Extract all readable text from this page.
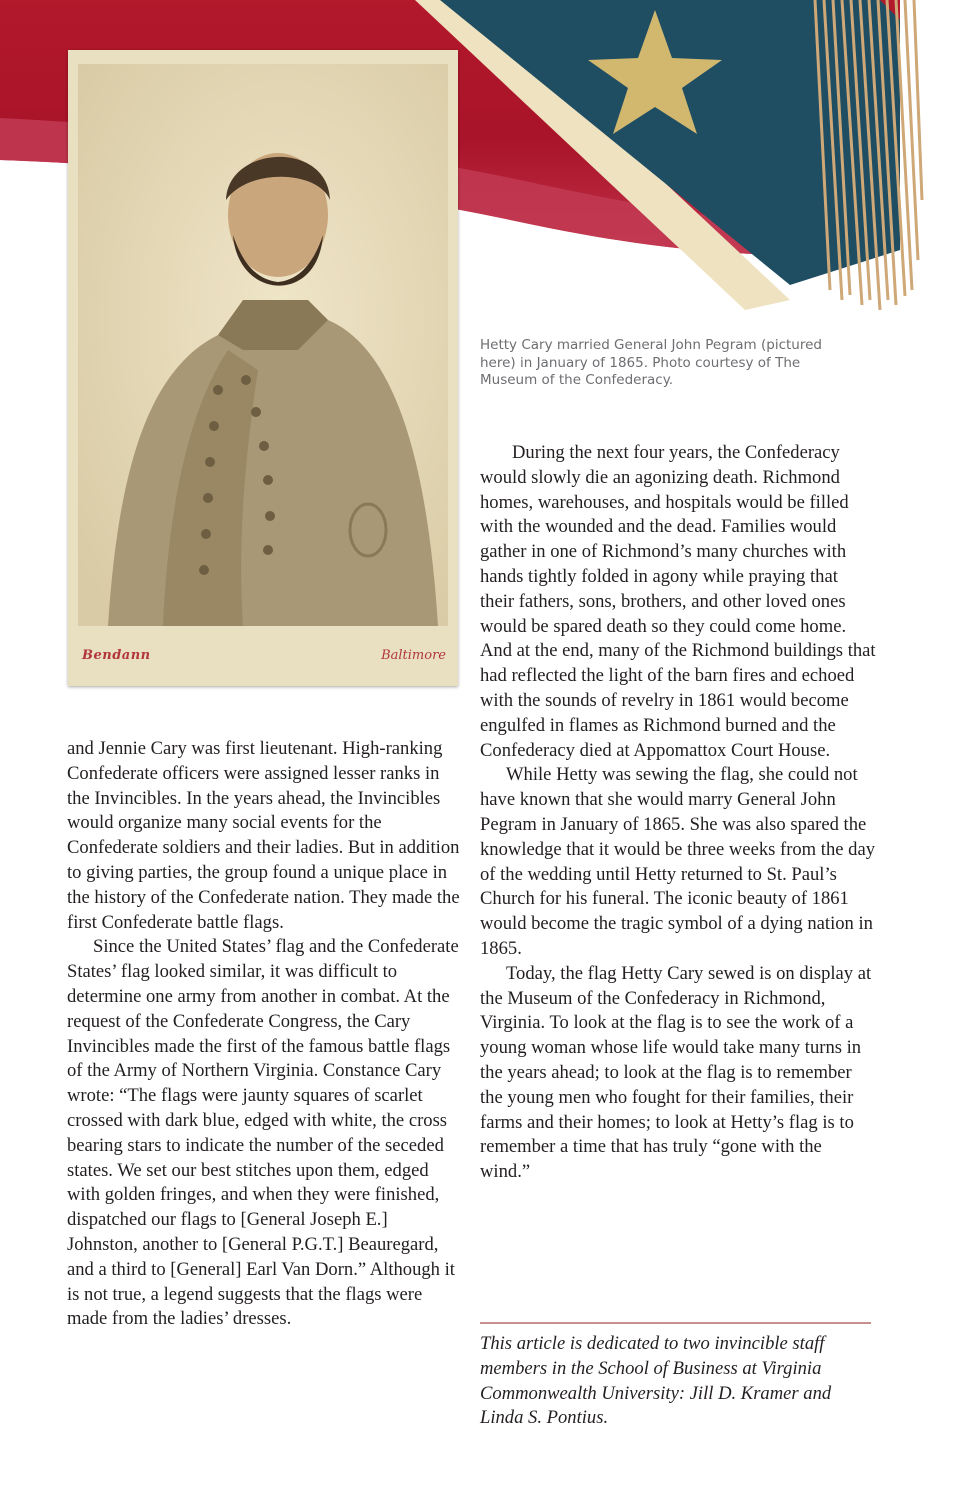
Bendann	Baltimore
Hetty Cary married General John Pegram (pictured here) in January of 1865. Photo courtesy of The Museum of the Confederacy.

and Jennie Cary was first lieutenant. High-ranking Confederate officers were assigned lesser ranks in the Invincibles. In the years ahead, the Invincibles would organize many social events for the Confederate soldiers and their ladies. But in addition to giving parties, the group found a unique place in the history of the Confederate nation. They made the first Confederate battle flags.

Since the United States’ flag and the Confederate States’ flag looked similar, it was difficult to determine one army from another in combat. At the request of the Confederate Congress, the Cary Invincibles made the first of the famous battle flags of the Army of Northern Virginia. Constance Cary wrote: “The flags were jaunty squares of scarlet crossed with dark blue, edged with white, the cross bearing stars to indicate the number of the seceded states. We set our best stitches upon them, edged with golden fringes, and when they were finished, dispatched our flags to [General Joseph E.] Johnston, another to [General P.G.T.] Beauregard, and a third to [General] Earl Van Dorn.” Although it is not true, a legend suggests that the flags were made from the ladies’ dresses.

During the next four years, the Confederacy would slowly die an agonizing death. Richmond homes, warehouses, and hospitals would be filled with the wounded and the dead. Families would gather in one of Richmond’s many churches with hands tightly folded in agony while praying that their fathers, sons, brothers, and other loved ones would be spared death so they could come home. And at the end, many of the Richmond buildings that had reflected the light of the barn fires and echoed with the sounds of revelry in 1861 would become engulfed in flames as Richmond burned and the Confederacy died at Appomattox Court House.

While Hetty was sewing the flag, she could not have known that she would marry General John Pegram in January of 1865. She was also spared the knowledge that it would be three weeks from the day of the wedding until Hetty returned to St. Paul’s Church for his funeral. The iconic beauty of 1861 would become the tragic symbol of a dying nation in 1865.

Today, the flag Hetty Cary sewed is on display at the Museum of the Confederacy in Richmond, Virginia. To look at the flag is to see the work of a young woman whose life would take many turns in the years ahead; to look at the flag is to remember the young men who fought for their families, their farms and their homes; to look at Hetty’s flag is to remember a time that has truly “gone with the wind.”

This article is dedicated to two invincible staff members in the School of Business at Virginia Commonwealth University: Jill D. Kramer and Linda S. Pontius.
